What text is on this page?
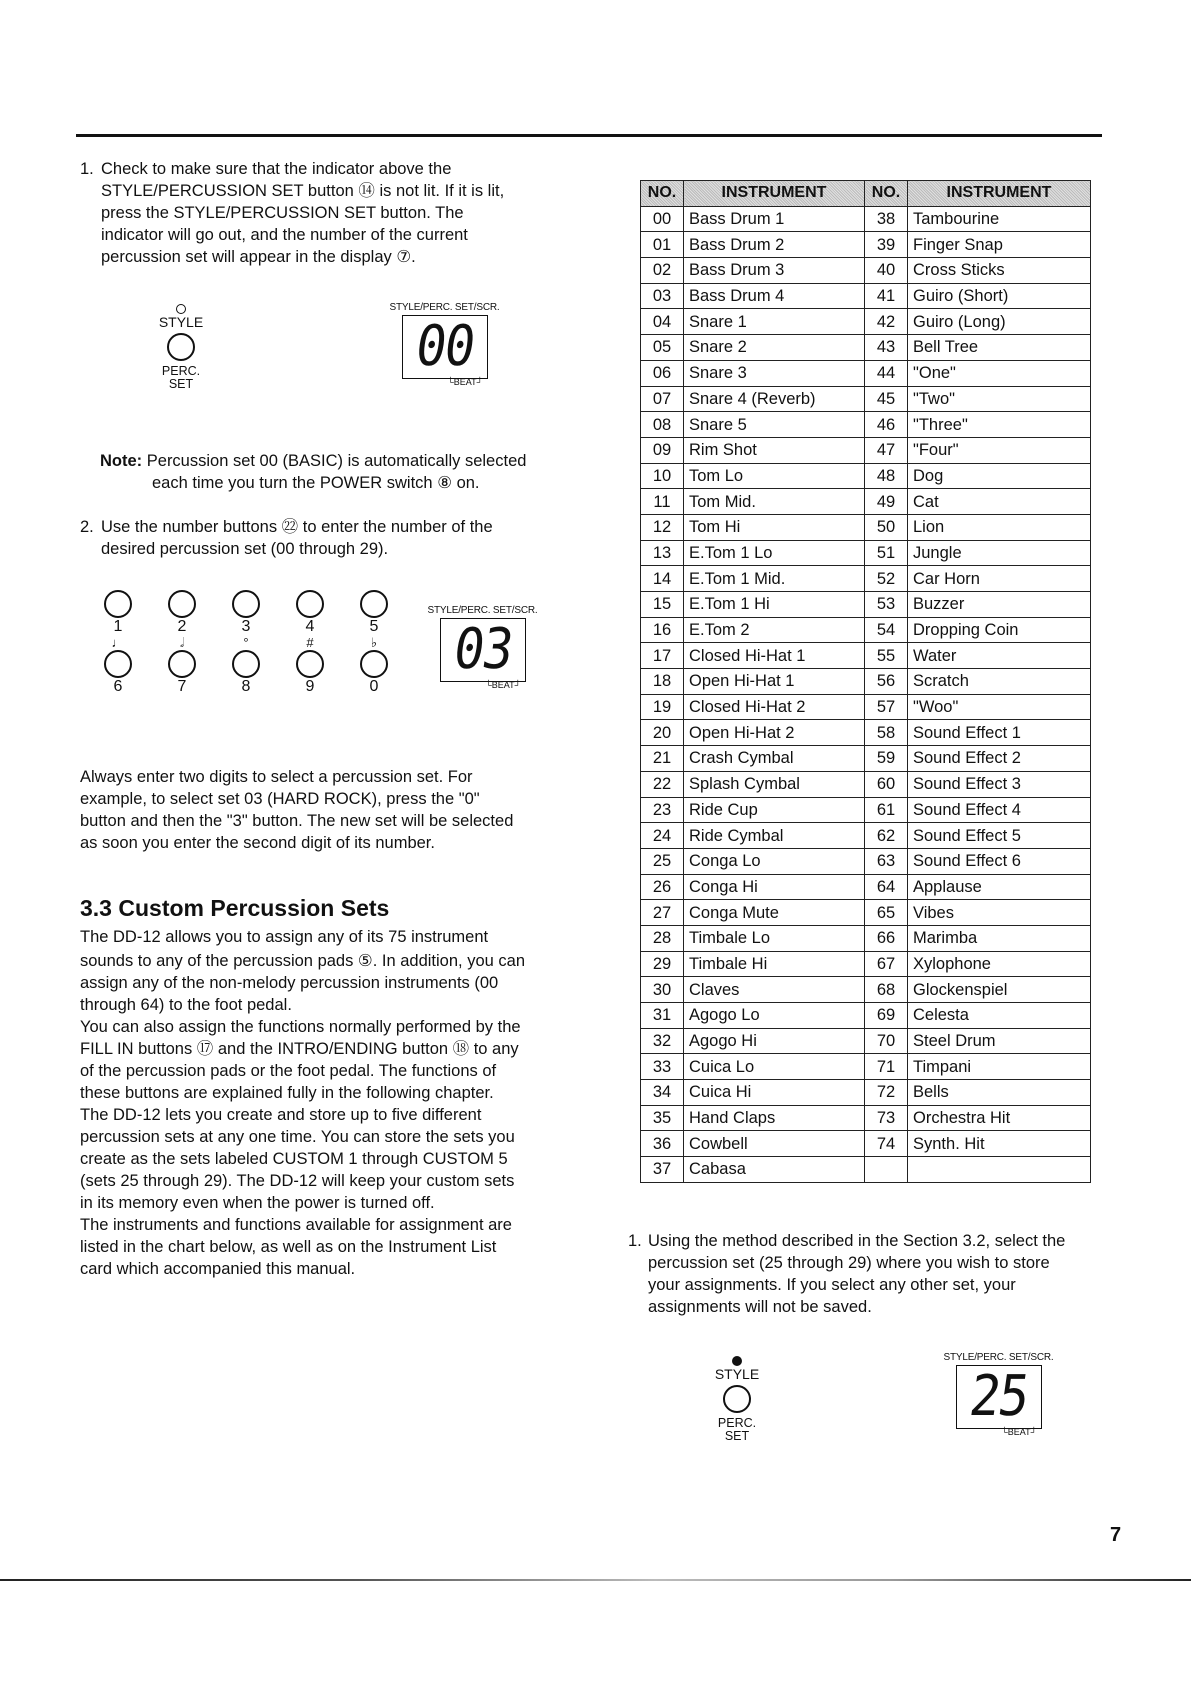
1. Check to make sure that the indicator above the

STYLE/PERCUSSION SET button ⑭ is not lit. If it is lit,

press the STYLE/PERCUSSION SET button. The

indicator will go out, and the number of the current

percussion set will appear in the display ⑦.

STYLE
PERC.
SET
STYLE/PERC. SET/SCR.
00
└BEAT┘

Note: Percussion set 00 (BASIC) is automatically selected

each time you turn the POWER switch ⑧ on.

2. Use the number buttons ㉒ to enter the number of the

desired percussion set (00 through 29).

1	2	3	4	5
♩	𝅗𝅥	°	#	♭
6	7	8	9	0
STYLE/PERC. SET/SCR.
03
└BEAT┘

Always enter two digits to select a percussion set. For

example, to select set 03 (HARD ROCK), press the "0"

button and then the "3" button. The new set will be selected

as soon you enter the second digit of its number.

3.3 Custom Percussion Sets

The DD-12 allows you to assign any of its 75 instrument

sounds to any of the percussion pads ⑤. In addition, you can

assign any of the non-melody percussion instruments (00

through 64) to the foot pedal.

You can also assign the functions normally performed by the

FILL IN buttons ⑰ and the INTRO/ENDING button ⑱ to any

of the percussion pads or the foot pedal. The functions of

these buttons are explained fully in the following chapter.

The DD-12 lets you create and store up to five different

percussion sets at any one time. You can store the sets you

create as the sets labeled CUSTOM 1 through CUSTOM 5

(sets 25 through 29). The DD-12 will keep your custom sets

in its memory even when the power is turned off.

The instruments and functions available for assignment are

listed in the chart below, as well as on the Instrument List

card which accompanied this manual.

NO.	INSTRUMENT	NO.	INSTRUMENT
00	Bass Drum 1	38	Tambourine
01	Bass Drum 2	39	Finger Snap
02	Bass Drum 3	40	Cross Sticks
03	Bass Drum 4	41	Guiro (Short)
04	Snare 1	42	Guiro (Long)
05	Snare 2	43	Bell Tree
06	Snare 3	44	"One"
07	Snare 4 (Reverb)	45	"Two"
08	Snare 5	46	"Three"
09	Rim Shot	47	"Four"
10	Tom Lo	48	Dog
11	Tom Mid.	49	Cat
12	Tom Hi	50	Lion
13	E.Tom 1 Lo	51	Jungle
14	E.Tom 1 Mid.	52	Car Horn
15	E.Tom 1 Hi	53	Buzzer
16	E.Tom 2	54	Dropping Coin
17	Closed Hi-Hat 1	55	Water
18	Open Hi-Hat 1	56	Scratch
19	Closed Hi-Hat 2	57	"Woo"
20	Open Hi-Hat 2	58	Sound Effect 1
21	Crash Cymbal	59	Sound Effect 2
22	Splash Cymbal	60	Sound Effect 3
23	Ride Cup	61	Sound Effect 4
24	Ride Cymbal	62	Sound Effect 5
25	Conga Lo	63	Sound Effect 6
26	Conga Hi	64	Applause
27	Conga Mute	65	Vibes
28	Timbale Lo	66	Marimba
29	Timbale Hi	67	Xylophone
30	Claves	68	Glockenspiel
31	Agogo Lo	69	Celesta
32	Agogo Hi	70	Steel Drum
33	Cuica Lo	71	Timpani
34	Cuica Hi	72	Bells
35	Hand Claps	73	Orchestra Hit
36	Cowbell	74	Synth. Hit
37	Cabasa		
1. Using the method described in the Section 3.2, select the

percussion set (25 through 29) where you wish to store

your assignments. If you select any other set, your

assignments will not be saved.

STYLE
PERC.
SET
STYLE/PERC. SET/SCR.
25
└BEAT┘
7
